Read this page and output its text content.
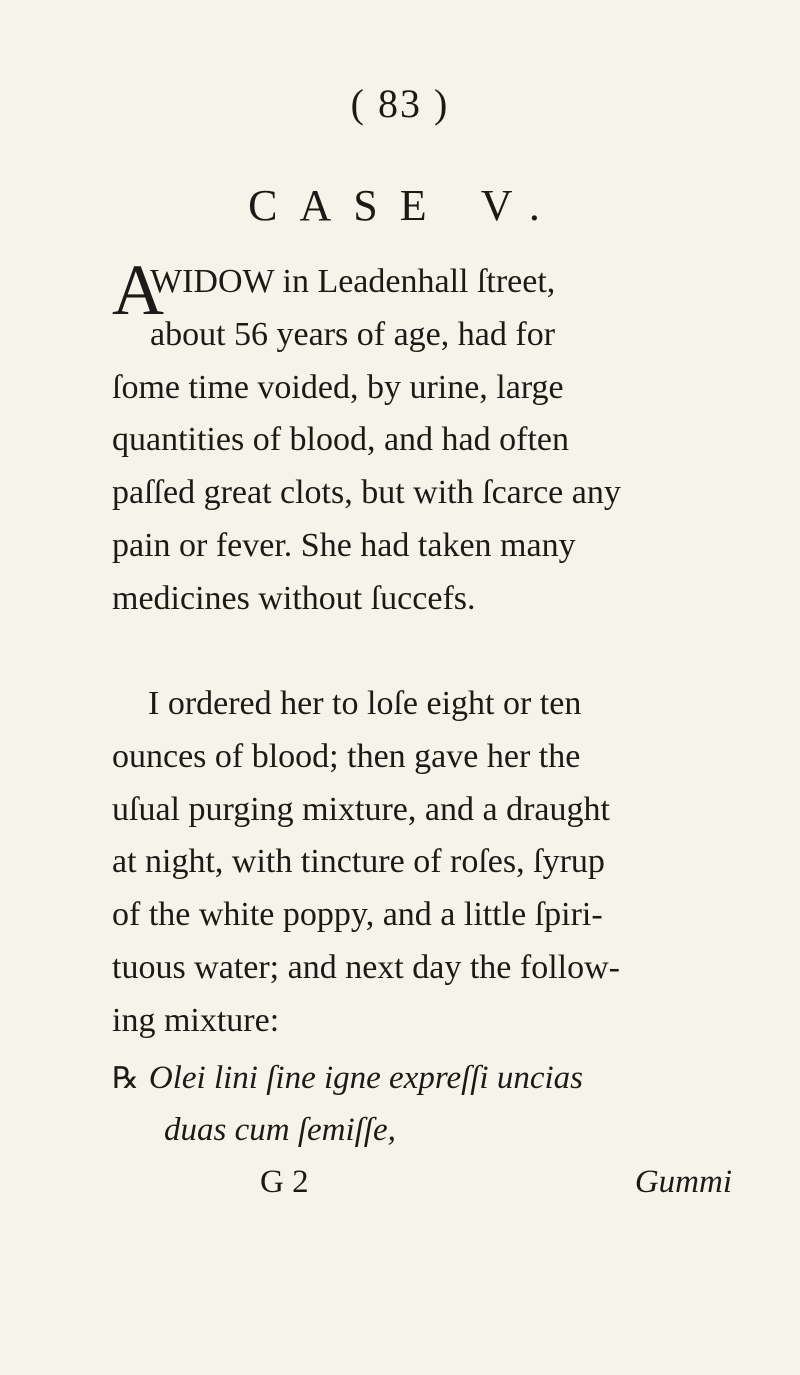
( 83 )
CASE V.
A
WIDOW in Leadenhall ſtreet,
about 56 years of age, had for
ſome time voided, by urine, large
quantities of blood, and had often
paſſed great clots, but with ſcarce any
pain or fever. She had taken many
medicines without ſuccefs.
I ordered her to loſe eight or ten
ounces of blood; then gave her the
uſual purging mixture, and a draught
at night, with tincture of roſes, ſyrup
of the white poppy, and a little ſpiri-
tuous water; and next day the follow-
ing mixture:
℞ Olei lini ſine igne expreſſi uncias
duas cum ſemiſſe,
G 2	Gummi
